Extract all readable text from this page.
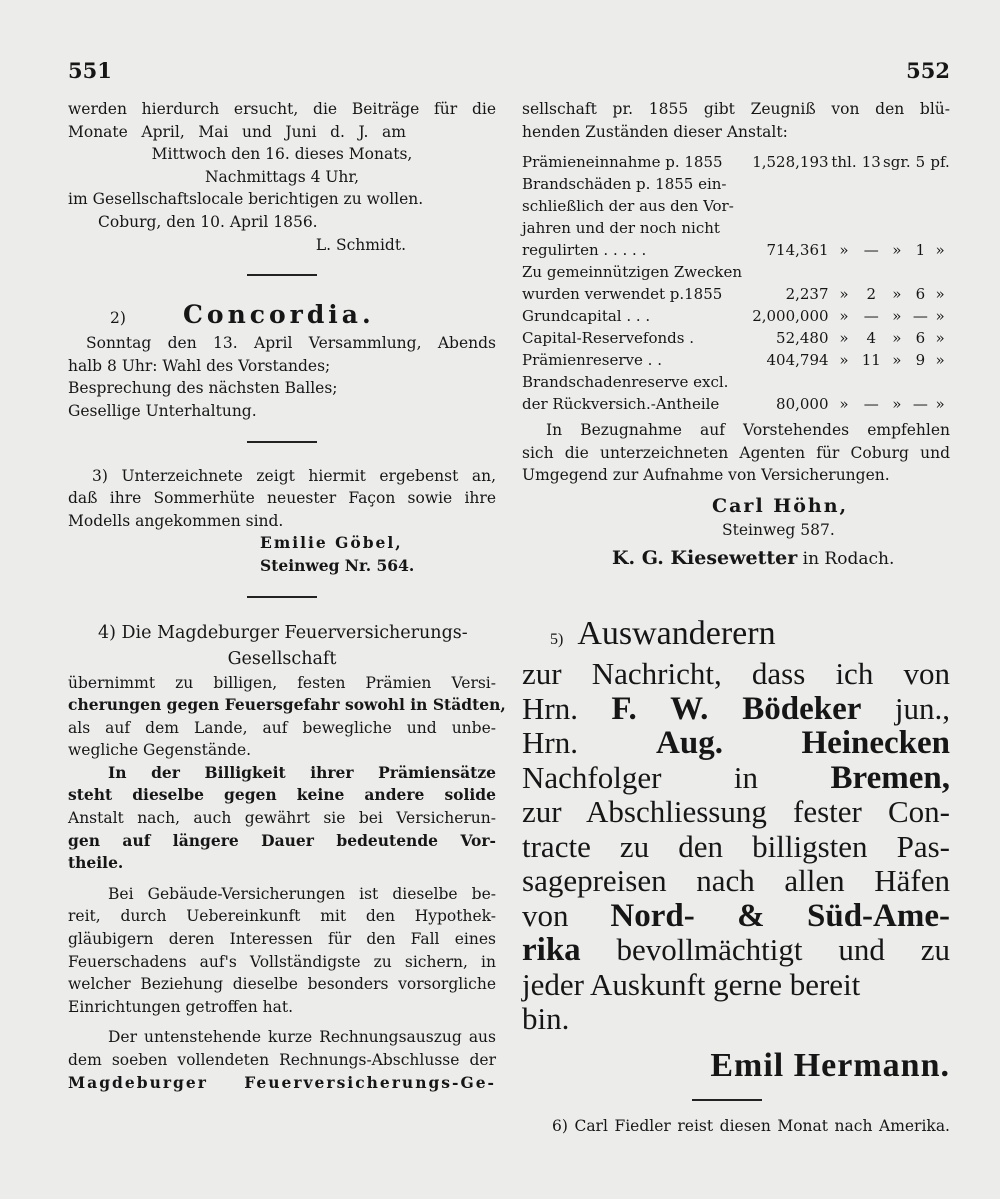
551	552
werden hierdurch ersucht, die Beiträge für die
Monate April, Mai und Juni d. J. am
Mittwoch den 16. dieses Monats,
Nachmittags 4 Uhr,
im Gesellschaftslocale berichtigen zu wollen.
Coburg, den 10. April 1856.
L. Schmidt.
2)	Concordia.
Sonntag den 13. April Versammlung, Abends
halb 8 Uhr: Wahl des Vorstandes;
Besprechung des nächsten Balles;
Gesellige Unterhaltung.
3) Unterzeichnete zeigt hiermit ergebenst an,
daß ihre Sommerhüte neuester Façon sowie ihre
Modells angekommen sind.
Emilie Göbel,
Steinweg Nr. 564.
4) Die Magdeburger Feuerversicherungs-
Gesellschaft
übernimmt zu billigen, festen Prämien Versi-
cherungen gegen Feuersgefahr sowohl in Städten,
als auf dem Lande, auf bewegliche und unbe-
wegliche Gegenstände.
In der Billigkeit ihrer Prämiensätze
steht dieselbe gegen keine andere solide
Anstalt nach, auch gewährt sie bei Versicherun-
gen auf längere Dauer bedeutende Vor-
theile.
Bei Gebäude-Versicherungen ist dieselbe be-
reit, durch Uebereinkunft mit den Hypothek-
gläubigern deren Interessen für den Fall eines
Feuerschadens auf's Vollständigste zu sichern, in
welcher Beziehung dieselbe besonders vorsorgliche
Einrichtungen getroffen hat.
Der untenstehende kurze Rechnungsauszug aus
dem soeben vollendeten Rechnungs-Abschlusse der
Magdeburger Feuerversicherungs-Ge-
sellschaft pr. 1855 gibt Zeugniß von den blü-
henden Zuständen dieser Anstalt:
Prämieneinnahme p. 1855	1,528,193	thl.	13	sgr.	5	pf.
Brandschäden p. 1855 ein-						
schließlich der aus den Vor-						
jahren und der noch nicht						
regulirten . . . . .	714,361	»	—	»	1	»
Zu gemeinnützigen Zwecken						
wurden verwendet p.1855	2,237	»	2	»	6	»
Grundcapital . . .	2,000,000	»	—	»	—	»
Capital-Reservefonds .	52,480	»	4	»	6	»
Prämienreserve . .	404,794	»	11	»	9	»
Brandschadenreserve excl.						
der Rückversich.-Antheile	80,000	»	—	»	—	»
In Bezugnahme auf Vorstehendes empfehlen
sich die unterzeichneten Agenten für Coburg und
Umgegend zur Aufnahme von Versicherungen.
Carl Höhn,
Steinweg 587.
K. G. Kiesewetter in Rodach.
5) Auswanderern
zur Nachricht, dass ich von
Hrn. F. W. Bödeker jun.,
Hrn. Aug. Heinecken
Nachfolger in Bremen,
zur Abschliessung fester Con-
tracte zu den billigsten Pas-
sagepreisen nach allen Häfen
von Nord- & Süd-Ame-
rika bevollmächtigt und zu
jeder Auskunft gerne bereit
bin.
Emil Hermann.
6) Carl Fiedler reist diesen Monat nach Amerika.
